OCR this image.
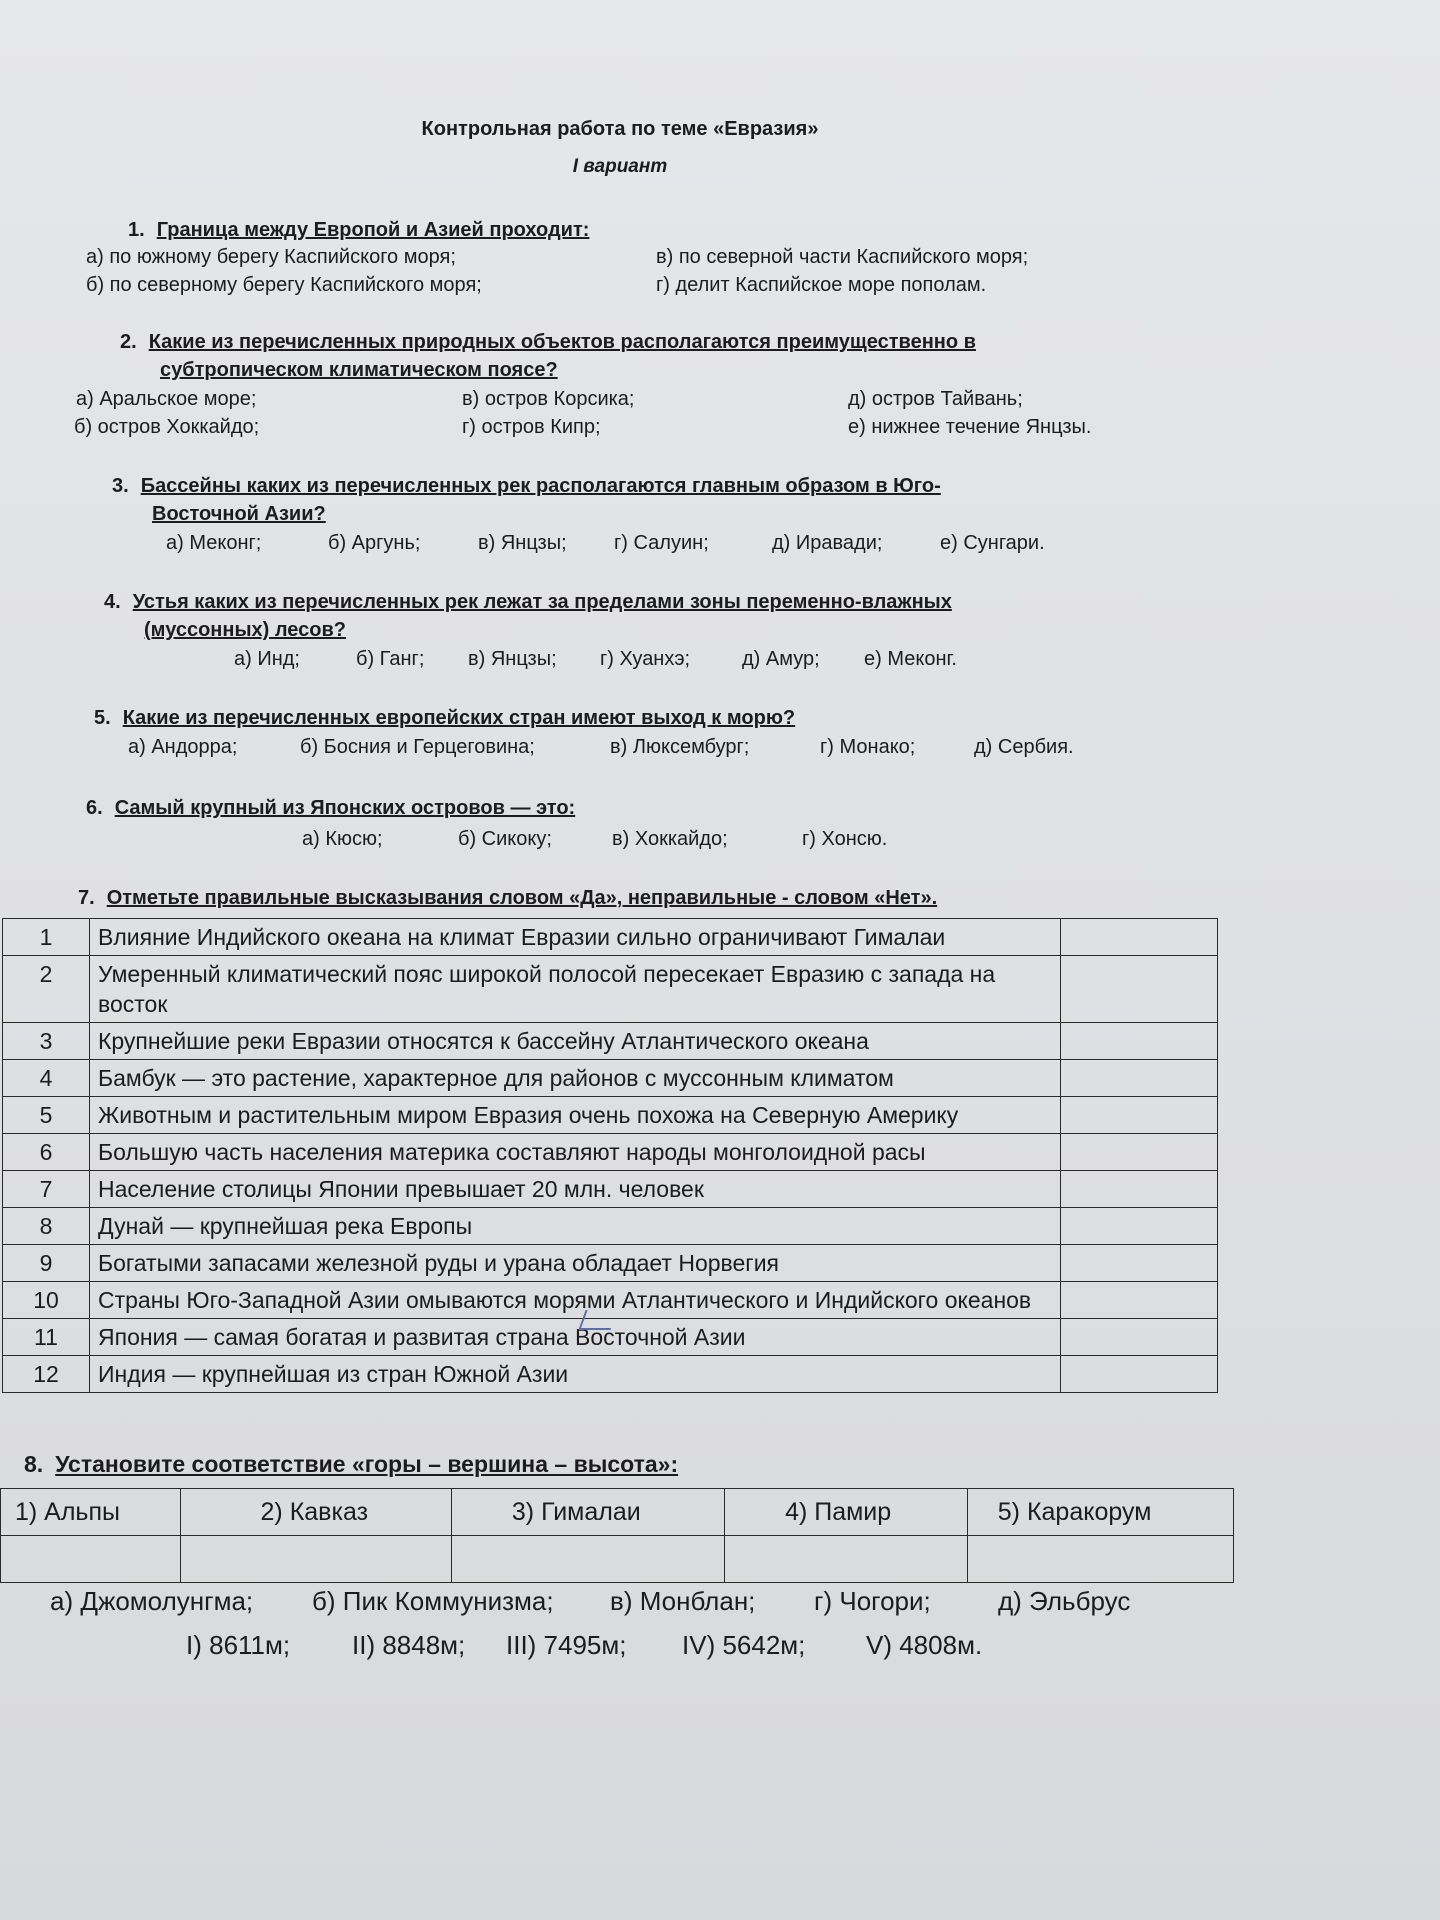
Контрольная работа по теме «Евразия»
I вариант
1. Граница между Европой и Азией проходит:
а) по южному берегу Каспийского моря;
б) по северному берегу Каспийского моря;
в) по северной части Каспийского моря;
г) делит Каспийское море пополам.
2. Какие из перечисленных природных объектов располагаются преимущественно в
субтропическом климатическом поясе?
а) Аральское море;
б) остров Хоккайдо;
в) остров Корсика;
г) остров Кипр;
д) остров Тайвань;
е) нижнее течение Янцзы.
3. Бассейны каких из перечисленных рек располагаются главным образом в Юго-
Восточной Азии?
а) Меконг;	б) Аргунь;	в) Янцзы; г) Салуин;	д) Иравади;	е) Сунгари.
4. Устья каких из перечисленных рек лежат за пределами зоны переменно-влажных
(муссонных) лесов?
а) Инд;	б) Ганг; в) Янцзы; г) Хуанхэ;	д) Амур; е) Меконг.
5. Какие из перечисленных европейских стран имеют выход к морю?
а) Андорра;	б) Босния и Герцеговина;	в) Люксембург;	г) Монако;	д) Сербия.
6. Самый крупный из Японских островов — это:
а) Кюсю;	б) Сикоку;	в) Хоккайдо;	г) Хонсю.
7. Отметьте правильные высказывания словом «Да», неправильные - словом «Нет».
1	Влияние Индийского океана на климат Евразии сильно ограничивают Гималаи	
2	Умеренный климатический пояс широкой полосой пересекает Евразию с запада на восток	
3	Крупнейшие реки Евразии относятся к бассейну Атлантического океана	
4	Бамбук — это растение, характерное для районов с муссонным климатом	
5	Животным и растительным миром Евразия очень похожа на Северную Америку	
6	Большую часть населения материка составляют народы монголоидной расы	
7	Население столицы Японии превышает 20 млн. человек	
8	Дунай — крупнейшая река Европы	
9	Богатыми запасами железной руды и урана обладает Норвегия	
10	Страны Юго-Западной Азии омываются морями Атлантического и Индийского океанов	
11	Япония — самая богатая и развитая страна Восточной Азии	
12	Индия — крупнейшая из стран Южной Азии	
8. Установите соответствие «горы – вершина – высота»:
1) Альпы	2) Кавказ	3) Гималаи	4) Памир	5) Каракорум

а) Джомолунгма; б) Пик Коммунизма; в) Монблан; г) Чогори;	д) Эльбрус
I) 8611м; II) 8848м; III) 7495м; IV) 5642м; V) 4808м.
